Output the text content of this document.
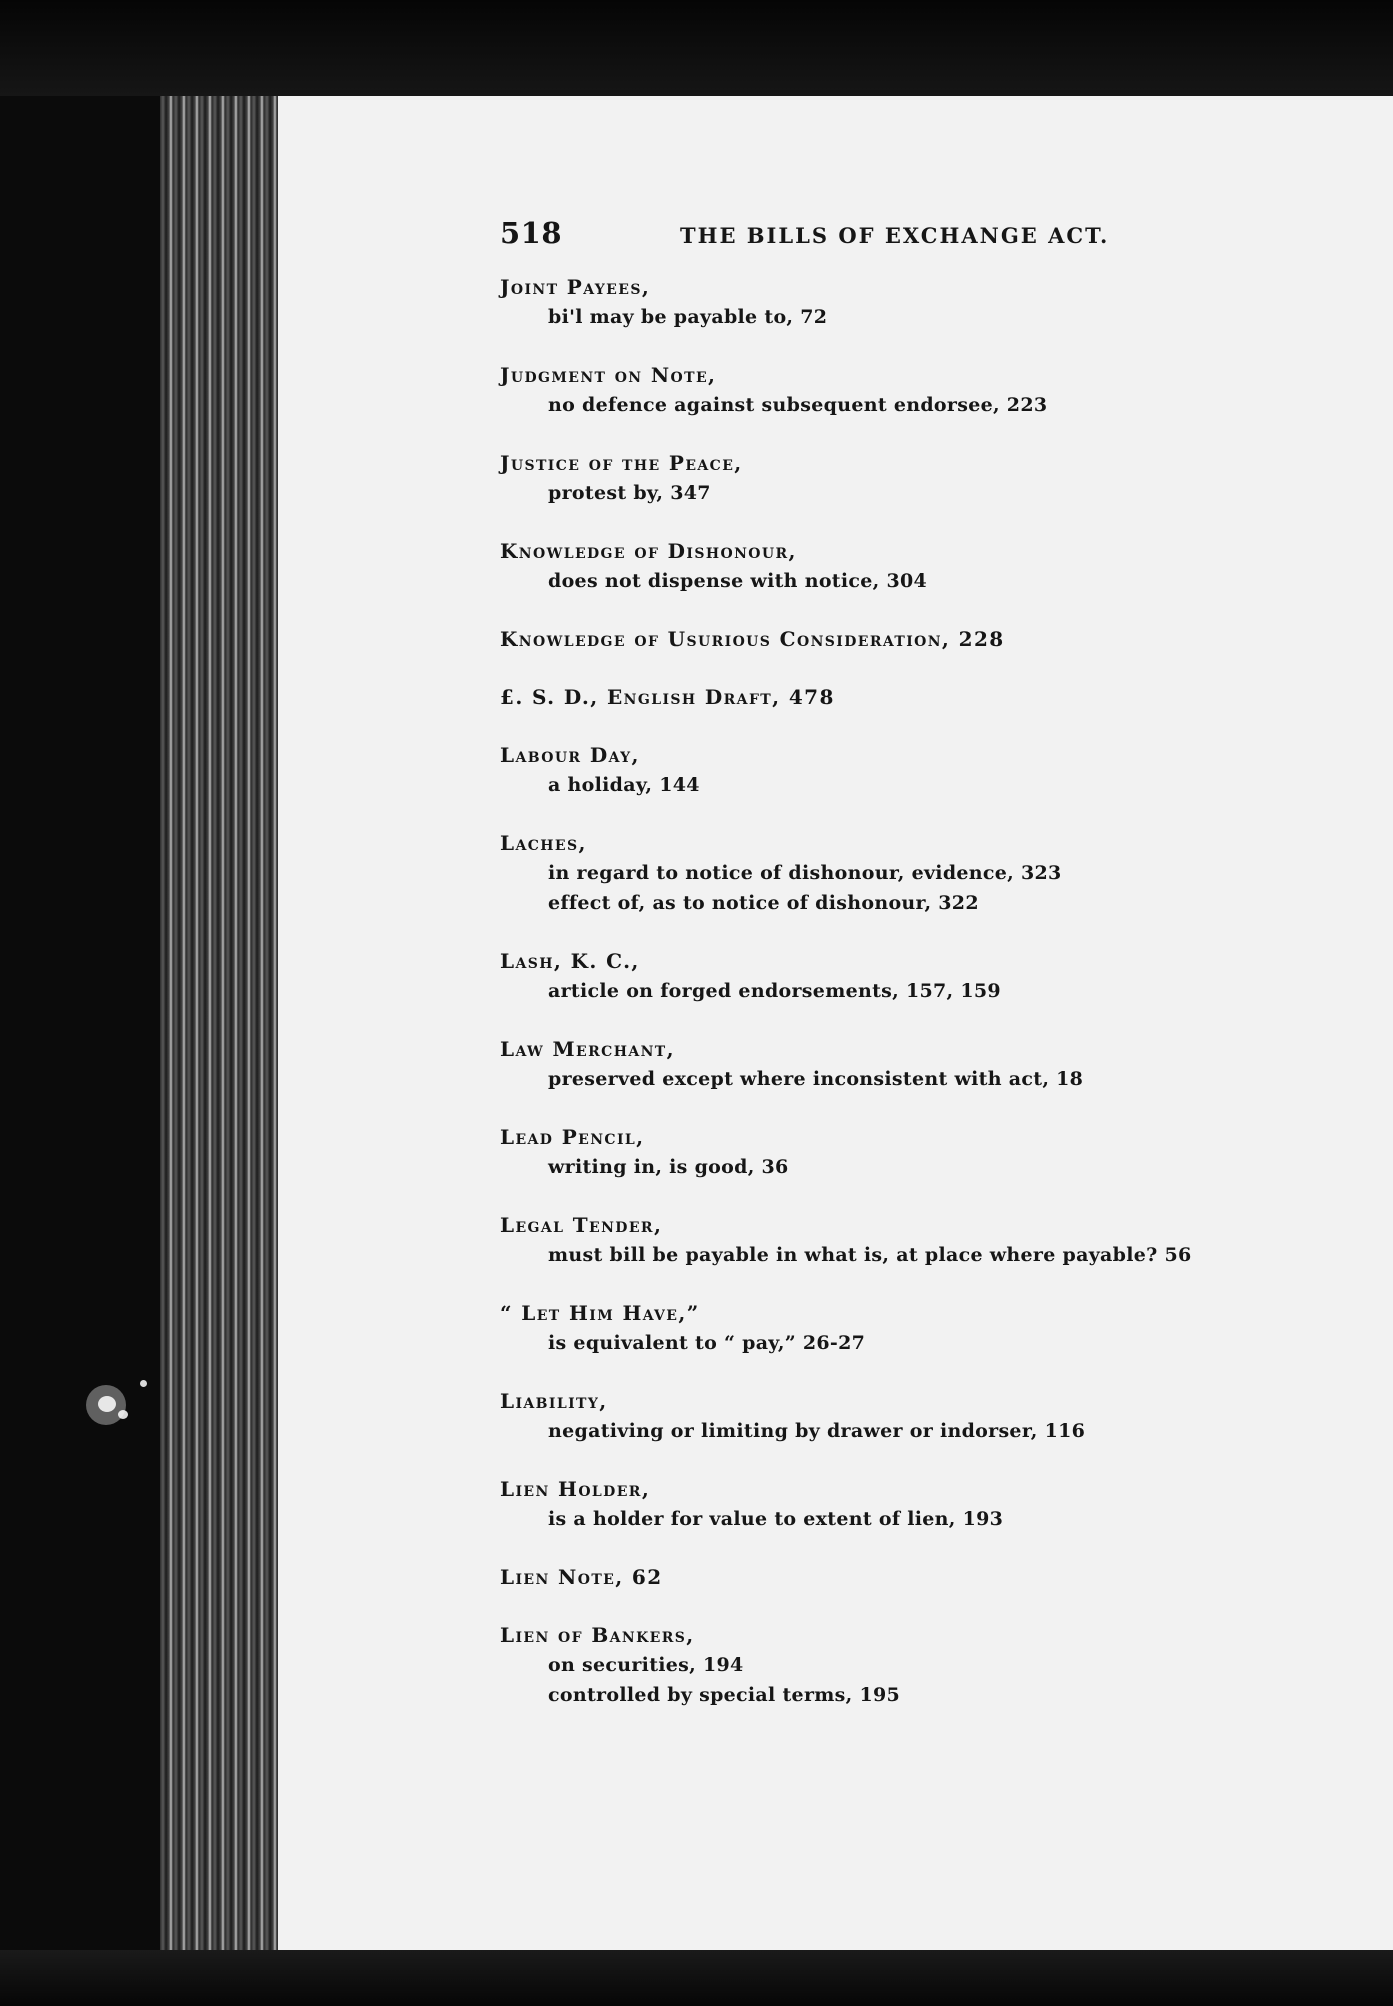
518	THE BILLS OF EXCHANGE ACT.
Joint Payees,
bi'l may be payable to, 72
Judgment on Note,
no defence against subsequent endorsee, 223
Justice of the Peace,
protest by, 347
Knowledge of Dishonour,
does not dispense with notice, 304
Knowledge of Usurious Consideration, 228
£. S. D., English Draft, 478
Labour Day,
a holiday, 144
Laches,
in regard to notice of dishonour, evidence, 323
effect of, as to notice of dishonour, 322
Lash, K. C.,
article on forged endorsements, 157, 159
Law Merchant,
preserved except where inconsistent with act, 18
Lead Pencil,
writing in, is good, 36
Legal Tender,
must bill be payable in what is, at place where payable? 56
“ Let Him Have,”
is equivalent to “ pay,” 26-27
Liability,
negativing or limiting by drawer or indorser, 116
Lien Holder,
is a holder for value to extent of lien, 193
Lien Note, 62
Lien of Bankers,
on securities, 194
controlled by special terms, 195
